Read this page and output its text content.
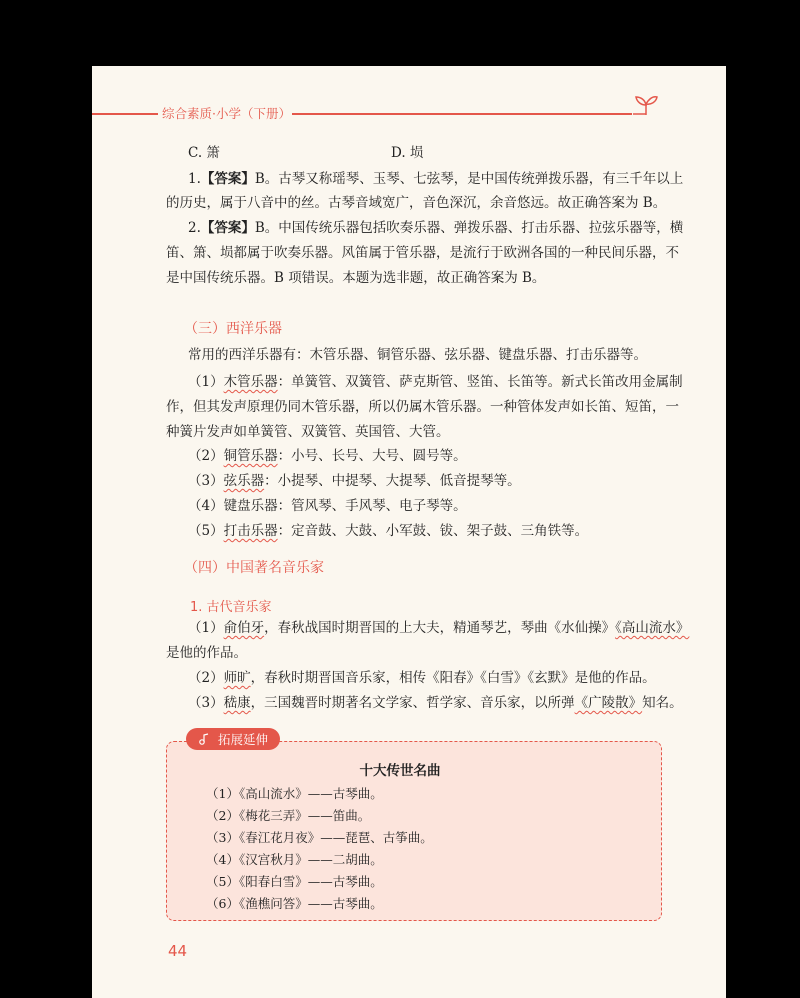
综合素质·小学（下册）
C. 箫	D. 埙
1.【答案】B。古琴又称瑶琴、玉琴、七弦琴，是中国传统弹拨乐器，有三千年以上
的历史，属于八音中的丝。古琴音域宽广，音色深沉，余音悠远。故正确答案为 B。
2.【答案】B。中国传统乐器包括吹奏乐器、弹拨乐器、打击乐器、拉弦乐器等，横
笛、箫、埙都属于吹奏乐器。风笛属于管乐器，是流行于欧洲各国的一种民间乐器，不
是中国传统乐器。B 项错误。本题为选非题，故正确答案为 B。
（三）西洋乐器
常用的西洋乐器有：木管乐器、铜管乐器、弦乐器、键盘乐器、打击乐器等。
（1）木管乐器：单簧管、双簧管、萨克斯管、竖笛、长笛等。新式长笛改用金属制
作，但其发声原理仍同木管乐器，所以仍属木管乐器。一种管体发声如长笛、短笛，一
种簧片发声如单簧管、双簧管、英国管、大管。
（2）铜管乐器：小号、长号、大号、圆号等。
（3）弦乐器：小提琴、中提琴、大提琴、低音提琴等。
（4）键盘乐器：管风琴、手风琴、电子琴等。
（5）打击乐器：定音鼓、大鼓、小军鼓、钹、架子鼓、三角铁等。
（四）中国著名音乐家
1. 古代音乐家
（1）俞伯牙，春秋战国时期晋国的上大夫，精通琴艺，琴曲《水仙操》《高山流水》
是他的作品。
（2）师旷，春秋时期晋国音乐家，相传《阳春》《白雪》《玄默》是他的作品。
（3）嵇康，三国魏晋时期著名文学家、哲学家、音乐家，以所弹《广陵散》知名。
拓展延伸
十大传世名曲
（1）《高山流水》——古琴曲。
（2）《梅花三弄》——笛曲。
（3）《春江花月夜》——琵琶、古筝曲。
（4）《汉宫秋月》——二胡曲。
（5）《阳春白雪》——古琴曲。
（6）《渔樵问答》——古琴曲。
44
